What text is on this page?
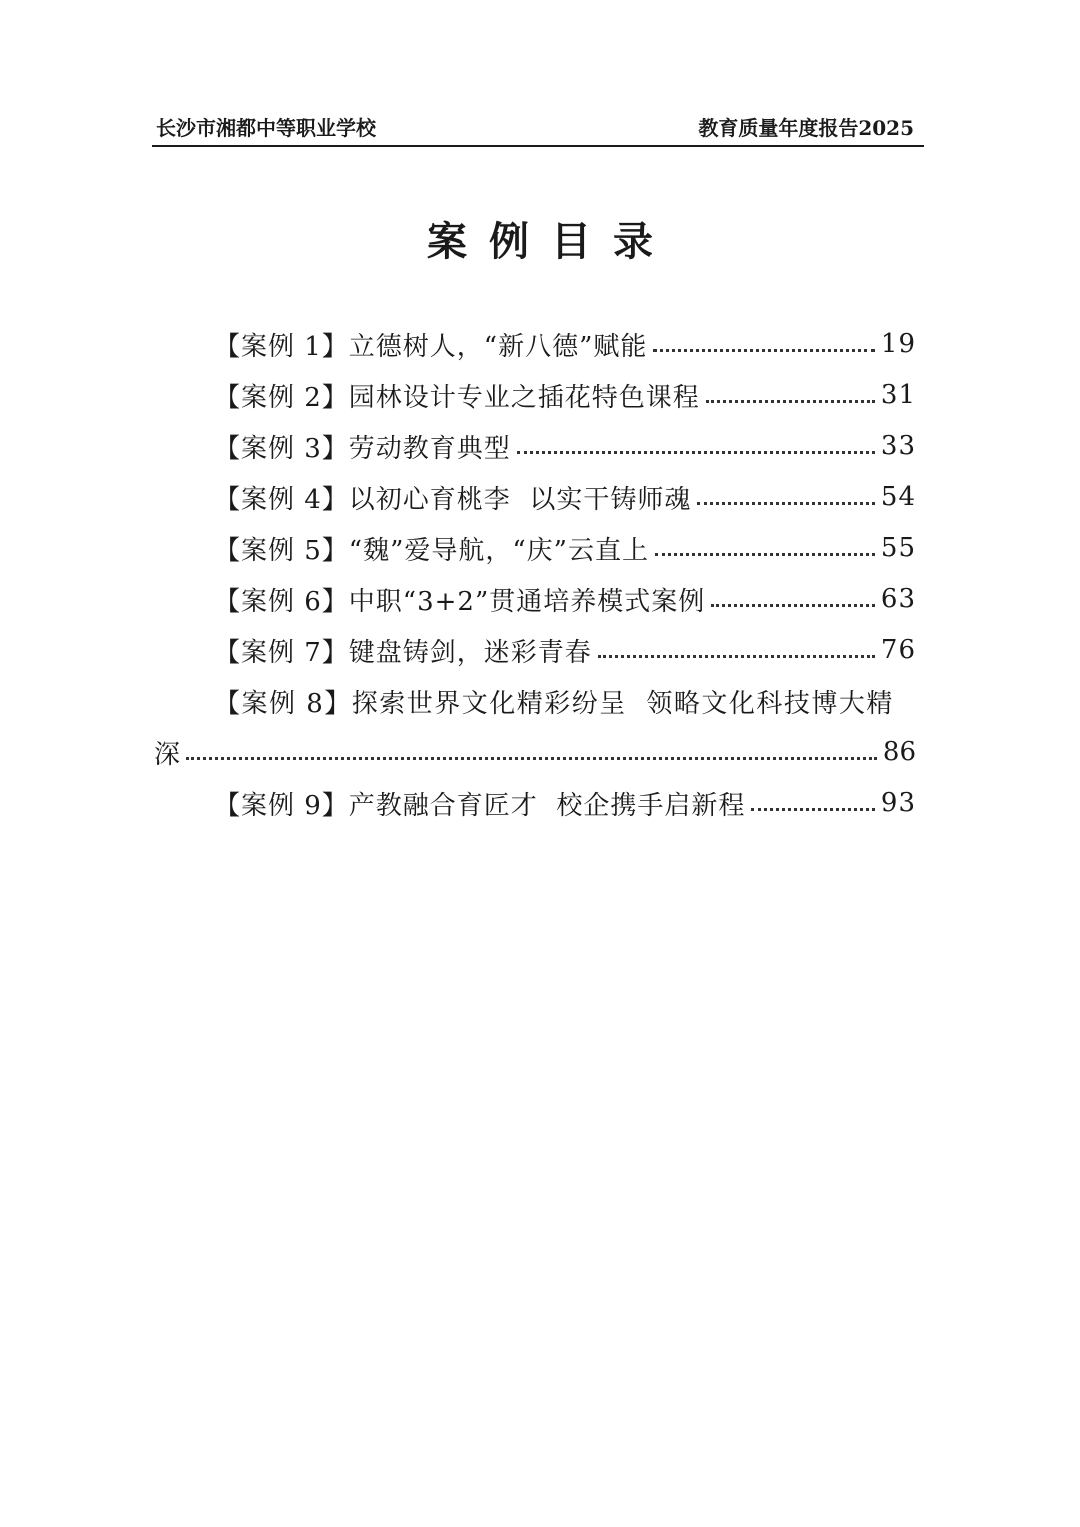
长沙市湘都中等职业学校	教育质量年度报告2025
案例目录
【案例 1】立德树人，“新八德”赋能	19
【案例 2】园林设计专业之插花特色课程	31
【案例 3】劳动教育典型	33
【案例 4】以初心育桃李  以实干铸师魂	54
【案例 5】“魏”爱导航，“庆”云直上	55
【案例 6】中职“3+2”贯通培养模式案例	63
【案例 7】键盘铸剑，迷彩青春	76
【案例 8】探索世界文化精彩纷呈  领略文化科技博大精
深	86
【案例 9】产教融合育匠才  校企携手启新程	93
